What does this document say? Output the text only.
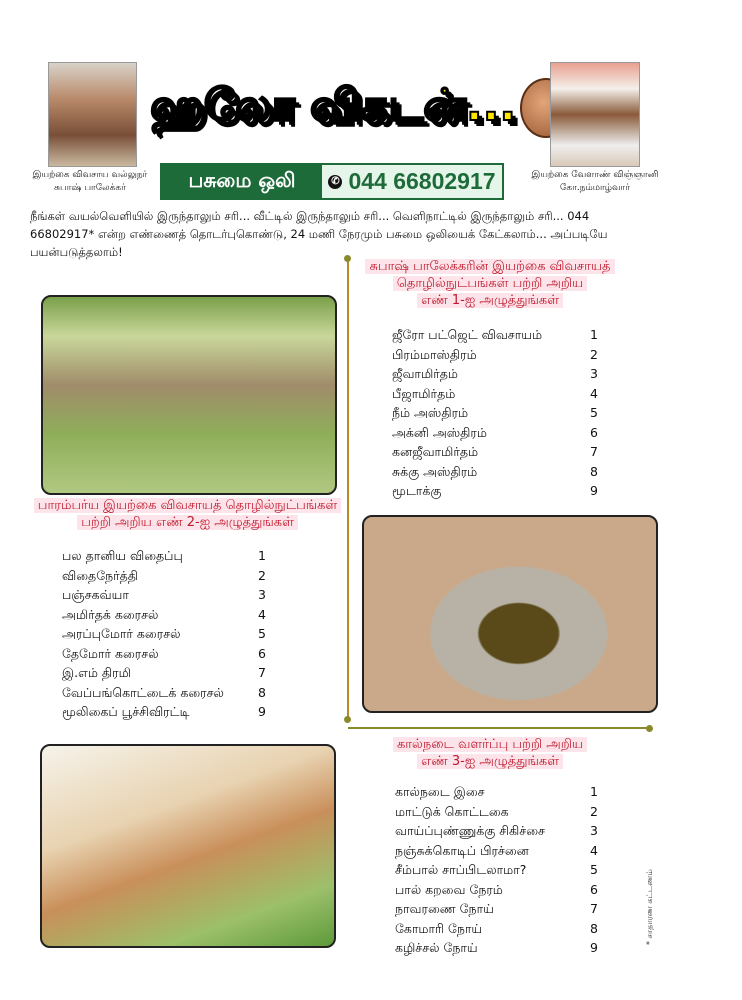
இயற்கை விவசாய வல்லுநர்
சுபாஷ் பாலேக்கர்
ஹலோ விகடன்...
பசுமை ஒலி	✆ 044 66802917	இயற்கை வேளாண் விஞ்ஞானி
கோ.நம்மாழ்வார்
நீங்கள் வயல்வெளியில் இருந்தாலும் சரி... வீட்டில் இருந்தாலும் சரி... வெளிநாட்டில் இருந்தாலும் சரி... 044 66802917* என்ற எண்ணைத் தொடர்புகொண்டு, 24 மணி நேரமும் பசுமை ஒலியைக் கேட்கலாம்... அப்படியே பயன்படுத்தலாம்!
சுபாஷ் பாலேக்கரின் இயற்கை விவசாயத்
தொழில்நுட்பங்கள் பற்றி அறிய
எண் 1-ஐ அழுத்துங்கள்
ஜீரோ பட்ஜெட் விவசாயம்	1
பிரம்மாஸ்திரம்	2
ஜீவாமிர்தம்	3
பீஜாமிர்தம்	4
நீம் அஸ்திரம்	5
அக்னி அஸ்திரம்	6
கனஜீவாமிர்தம்	7
சுக்கு அஸ்திரம்	8
மூடாக்கு	9
பாரம்பர்ய இயற்கை விவசாயத் தொழில்நுட்பங்கள்
பற்றி அறிய எண் 2-ஐ அழுத்துங்கள்
பல தானிய விதைப்பு	1
விதைநேர்த்தி	2
பஞ்சகவ்யா	3
அமிர்தக் கரைசல்	4
அரப்புமோர் கரைசல்	5
தேமோர் கரைசல்	6
இ.எம் திரமி	7
வேப்பங்கொட்டைக் கரைசல்	8
மூலிகைப் பூச்சிவிரட்டி	9
கால்நடை வளர்ப்பு பற்றி அறிய
எண் 3-ஐ அழுத்துங்கள்
கால்நடை இசை	1
மாட்டுக் கொட்டகை	2
வாய்ப்புண்ணுக்கு சிகிச்சை	3
நஞ்சுக்கொடிப் பிரச்னை	4
சீம்பால் சாப்பிடலாமா?	5
பால் கறவை நேரம்	6
நாவரணை நோய்	7
கோமாரி நோய்	8
கழிச்சல் நோய்	9
* சாதாரண கட்டணம்
